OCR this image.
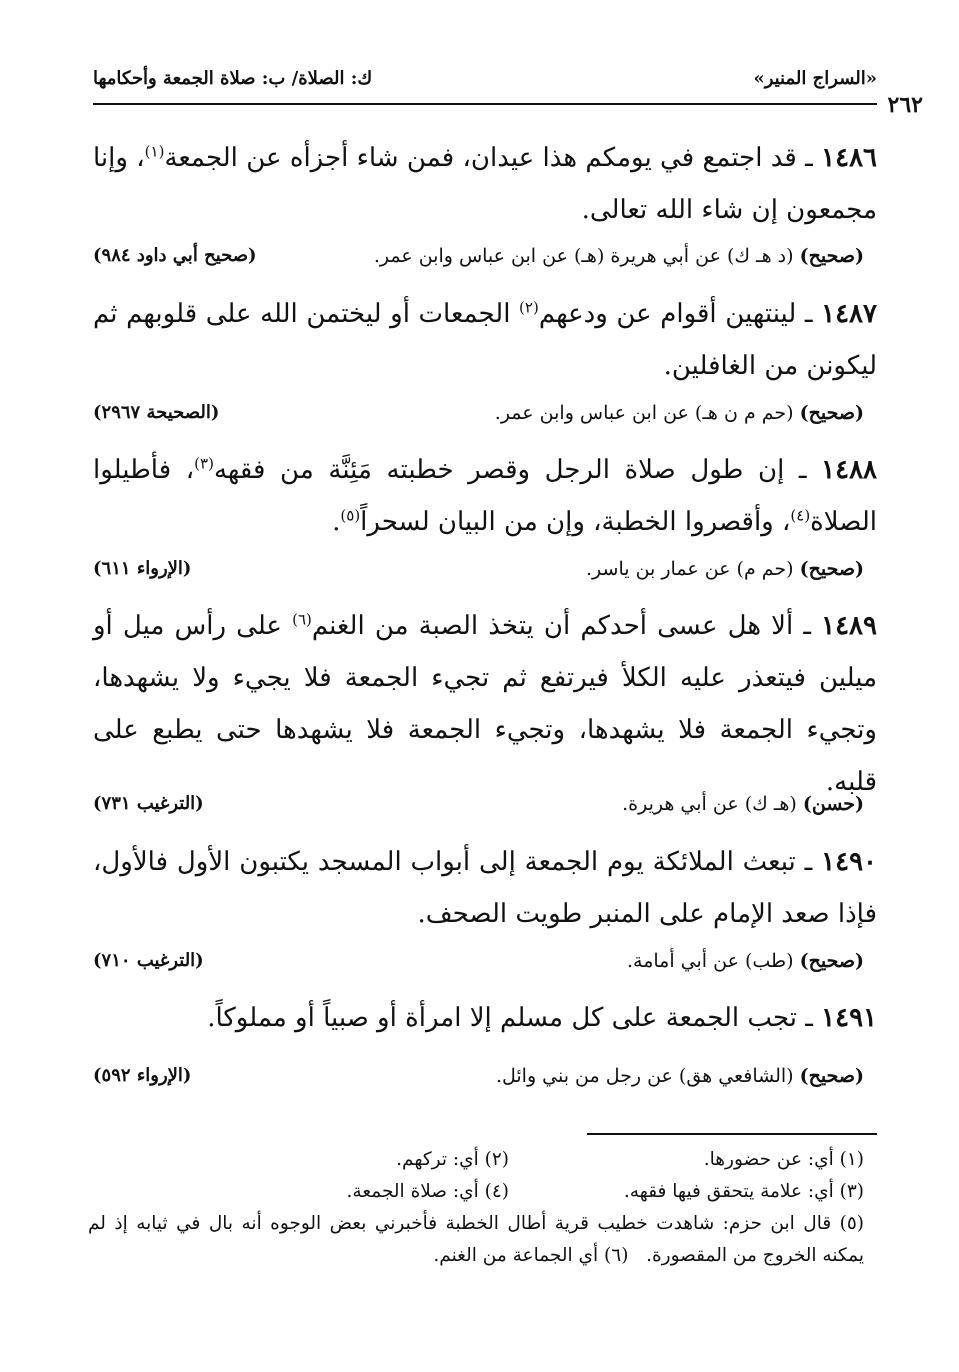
«السراج المنير»
ك: الصلاة/ ب: صلاة الجمعة وأحكامها
٢٦٢
١٤٨٦ ـ قد اجتمع في يومكم هذا عيدان، فمن شاء أجزأه عن الجمعة$^{(١)}$، وإنا مجمعون إن شاء الله تعالى.
(صحيح) (د هـ ك) عن أبي هريرة (هـ) عن ابن عباس وابن عمر.
(صحيح أبي داود ٩٨٤)
١٤٨٧ ـ لينتهين أقوام عن ودعهم$^{(٢)}$ الجمعات أو ليختمن الله على قلوبهم ثم ليكونن من الغافلين.
(صحيح) (حم م ن هـ) عن ابن عباس وابن عمر.
(الصحيحة ٢٩٦٧)
١٤٨٨ ـ إن طول صلاة الرجل وقصر خطبته مَئِنَّة من فقهه$^{(٣)}$، فأطيلوا الصلاة$^{(٤)}$، وأقصروا الخطبة، وإن من البيان لسحراً$^{(٥)}$.
(صحيح) (حم م) عن عمار بن ياسر.
(الإرواء ٦١١)
١٤٨٩ ـ ألا هل عسى أحدكم أن يتخذ الصبة من الغنم$^{(٦)}$ على رأس ميل أو ميلين فيتعذر عليه الكلأ فيرتفع ثم تجيء الجمعة فلا يجيء ولا يشهدها، وتجيء الجمعة فلا يشهدها، وتجيء الجمعة فلا يشهدها حتى يطبع على قلبه.
(حسن) (هـ ك) عن أبي هريرة.
(الترغيب ٧٣١)
١٤٩٠ ـ تبعث الملائكة يوم الجمعة إلى أبواب المسجد يكتبون الأول فالأول، فإذا صعد الإمام على المنبر طويت الصحف.
(صحيح) (طب) عن أبي أمامة.
(الترغيب ٧١٠)
١٤٩١ ـ تجب الجمعة على كل مسلم إلا امرأة أو صبياً أو مملوكاً.
(صحيح) (الشافعي هق) عن رجل من بني وائل.
(الإرواء ٥٩٢)
(١) أي: عن حضورها.
(٢) أي: تركهم.
(٣) أي: علامة يتحقق فيها فقهه.
(٤) أي: صلاة الجمعة.
(٥) قال ابن حزم: شاهدت خطيب قرية أطال الخطبة فأخبرني بعض الوجوه أنه بال في ثيابه إذ لم يمكنه الخروج من المقصورة.   (٦) أي الجماعة من الغنم.
